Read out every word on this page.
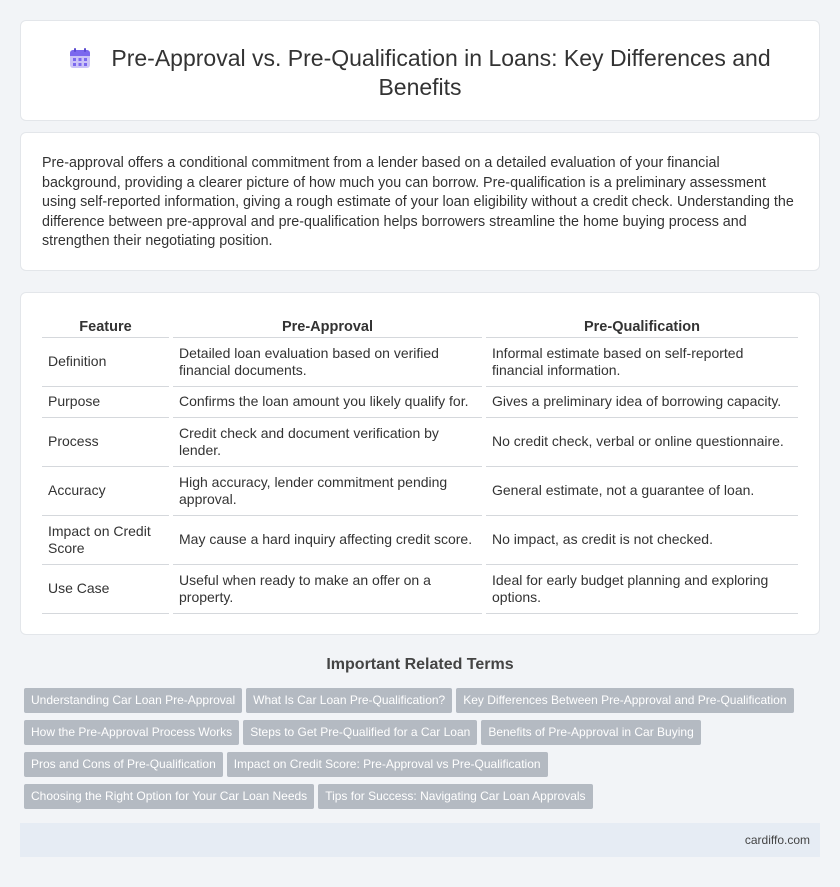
Pre-Approval vs. Pre-Qualification in Loans: Key Differences and Benefits

Pre-approval offers a conditional commitment from a lender based on a detailed evaluation of your financial background, providing a clearer picture of how much you can borrow. Pre-qualification is a preliminary assessment using self-reported information, giving a rough estimate of your loan eligibility without a credit check. Understanding the difference between pre-approval and pre-qualification helps borrowers streamline the home buying process and strengthen their negotiating position.

Feature		Pre-Approval		Pre-Qualification
Definition		Detailed loan evaluation based on verified financial documents.		Informal estimate based on self-reported financial information.
Purpose		Confirms the loan amount you likely qualify for.		Gives a preliminary idea of borrowing capacity.
Process		Credit check and document verification by lender.		No credit check, verbal or online questionnaire.
Accuracy		High accuracy, lender commitment pending approval.		General estimate, not a guarantee of loan.
Impact on Credit Score		May cause a hard inquiry affecting credit score.		No impact, as credit is not checked.
Use Case		Useful when ready to make an offer on a property.		Ideal for early budget planning and exploring options.
Important Related Terms
Understanding Car Loan Pre-Approval What Is Car Loan Pre-Qualification? Key Differences Between Pre-Approval and Pre-Qualification
How the Pre-Approval Process Works Steps to Get Pre-Qualified for a Car Loan Benefits of Pre-Approval in Car Buying
Pros and Cons of Pre-Qualification Impact on Credit Score: Pre-Approval vs Pre-Qualification
Choosing the Right Option for Your Car Loan Needs Tips for Success: Navigating Car Loan Approvals
cardiffo.com
